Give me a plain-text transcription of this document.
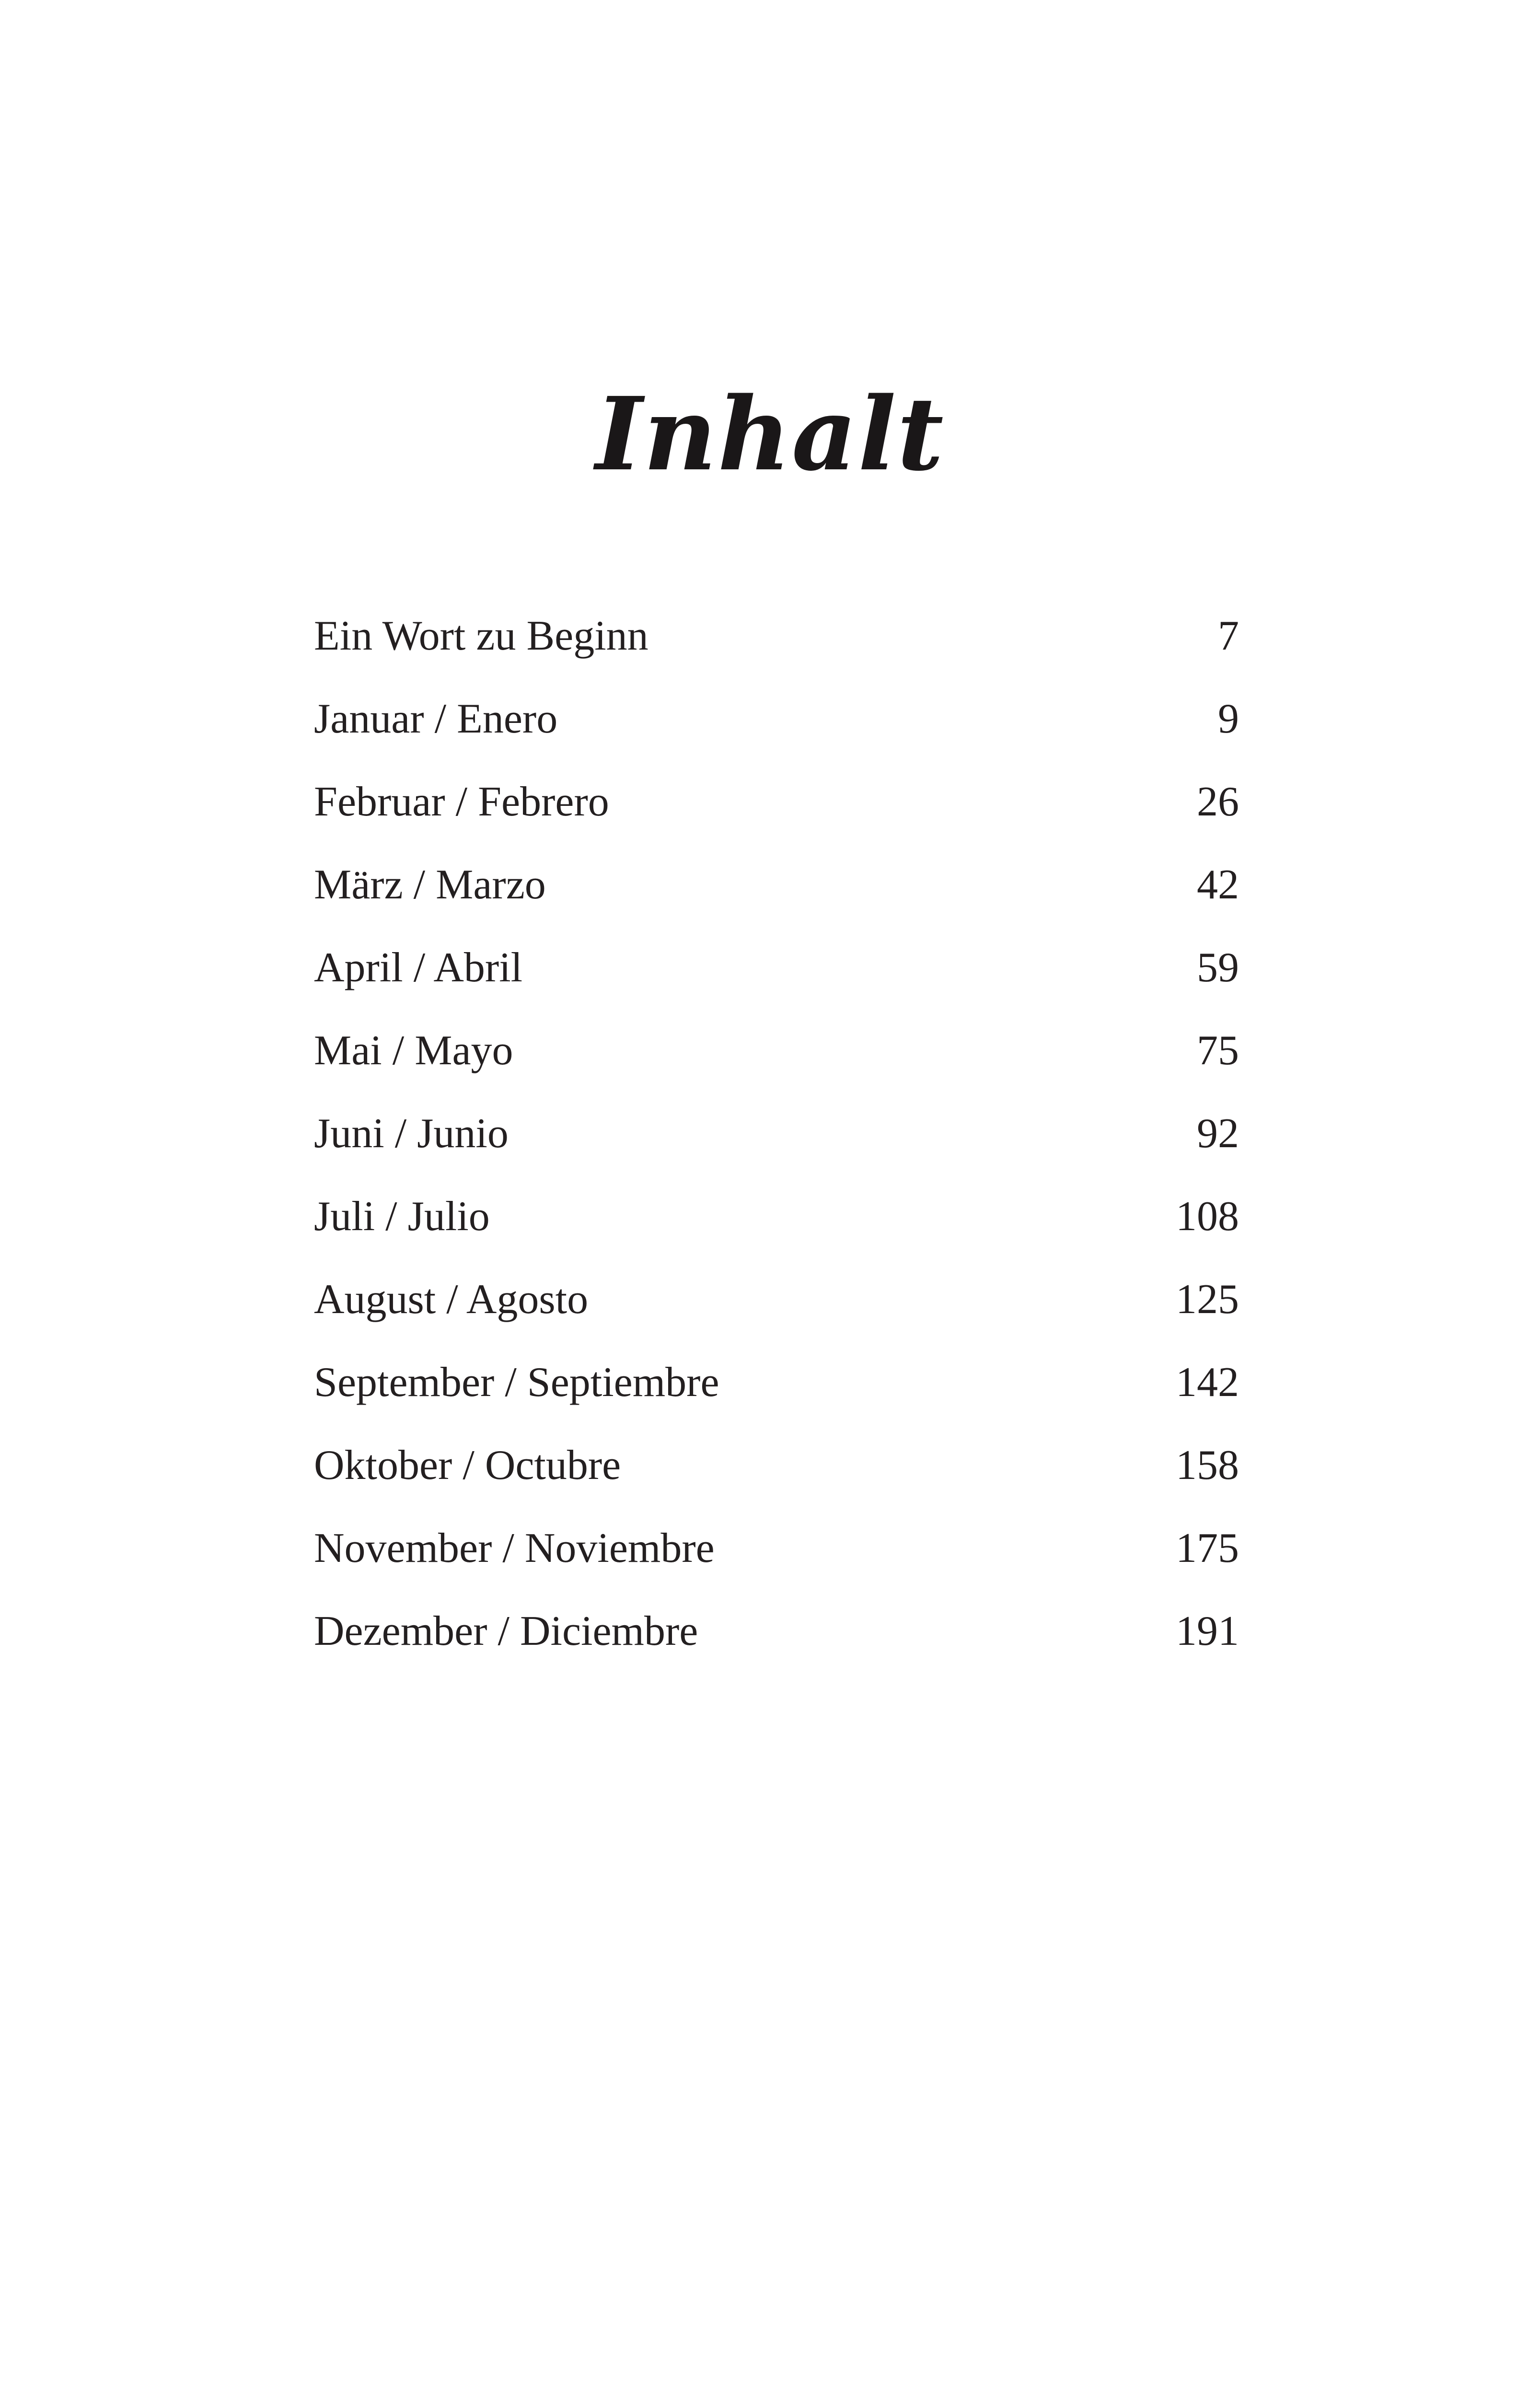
Inhalt
Ein Wort zu Beginn	7
Januar / Enero	9
Februar / Febrero	26
März / Marzo	42
April / Abril	59
Mai / Mayo	75
Juni / Junio	92
Juli / Julio	108
August / Agosto	125
September / Septiembre	142
Oktober / Octubre	158
November / Noviembre	175
Dezember / Diciembre	191
